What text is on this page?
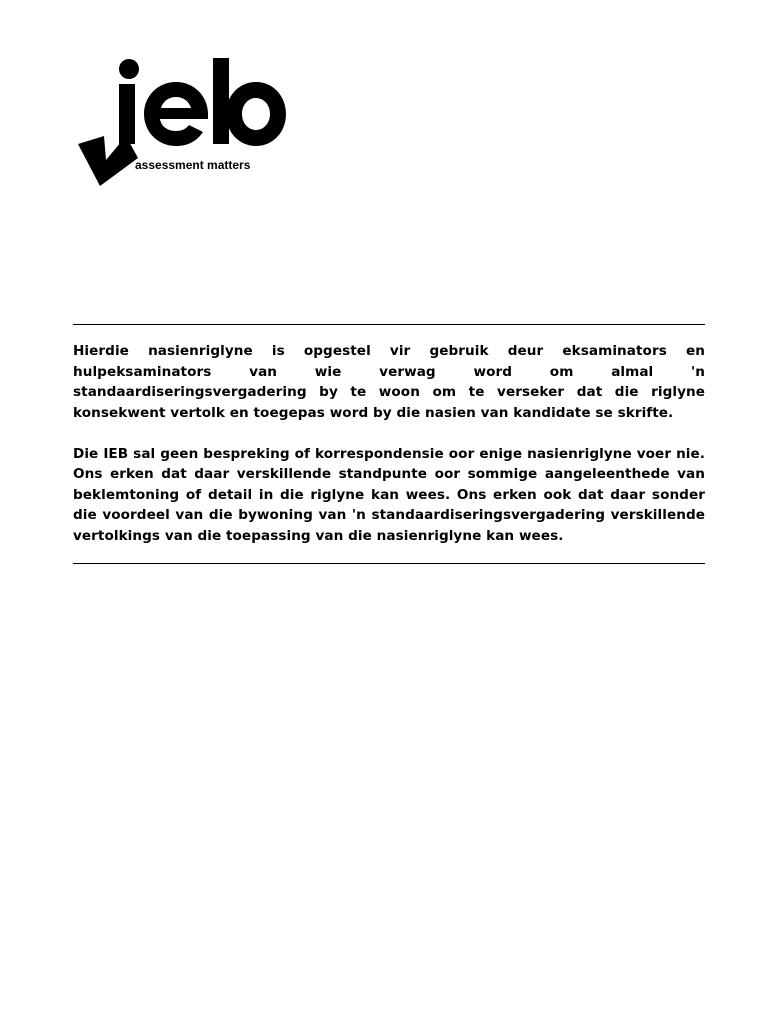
assessment matters

Hierdie nasienriglyne is opgestel vir gebruik deur eksaminators en hulpeksaminators van wie verwag word om almal 'n standaardiseringsvergadering by te woon om te verseker dat die riglyne konsekwent vertolk en toegepas word by die nasien van kandidate se skrifte.

Die IEB sal geen bespreking of korrespondensie oor enige nasienriglyne voer nie. Ons erken dat daar verskillende standpunte oor sommige aangeleenthede van beklemtoning of detail in die riglyne kan wees. Ons erken ook dat daar sonder die voordeel van die bywoning van 'n standaardiseringsvergadering verskillende vertolkings van die toepassing van die nasienriglyne kan wees.
